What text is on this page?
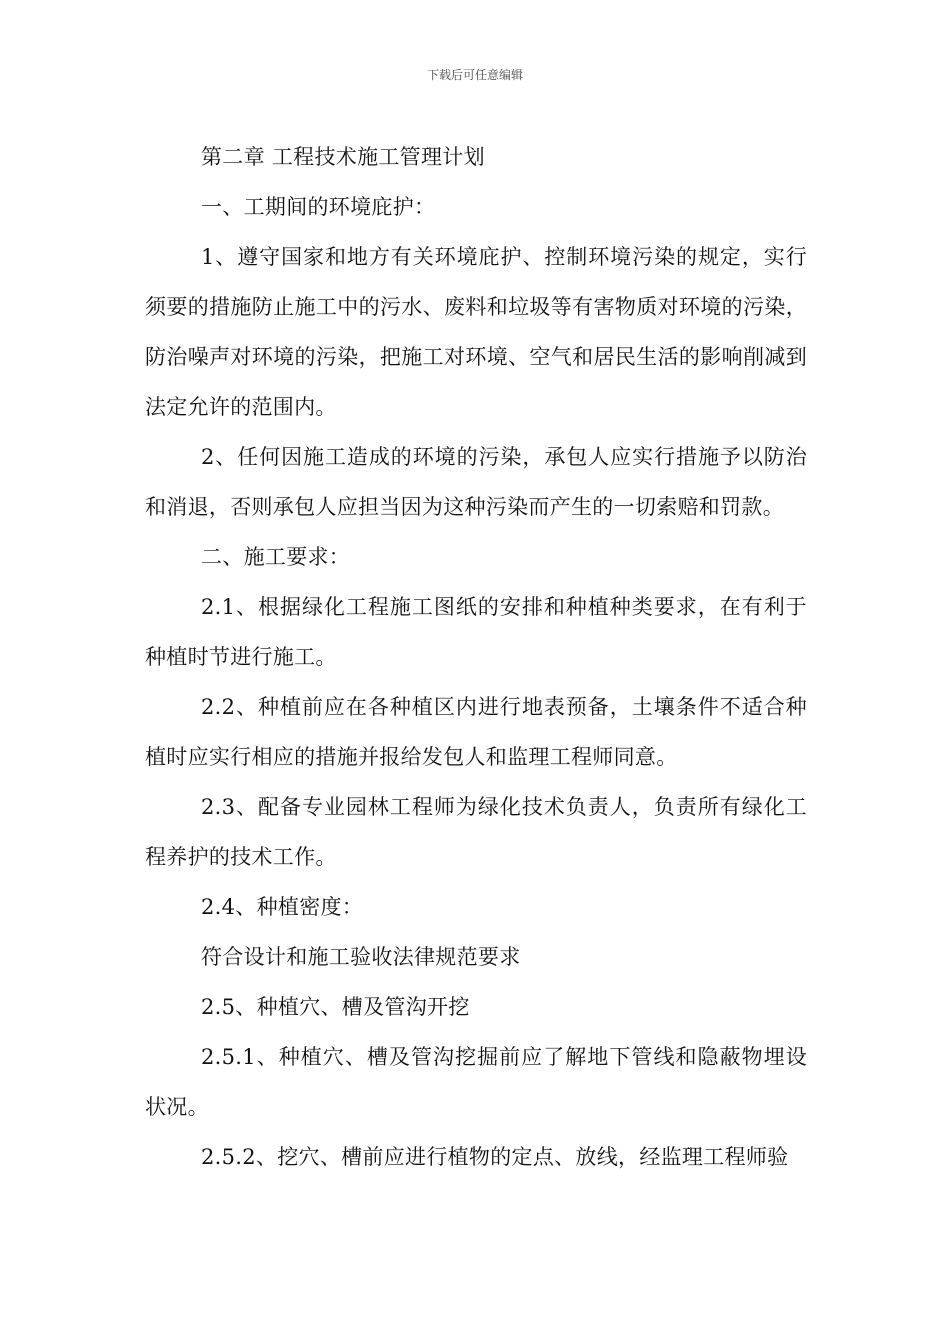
下载后可任意编辑

第二章 工程技术施工管理计划

一、工期间的环境庇护：

1、遵守国家和地方有关环境庇护、控制环境污染的规定，实行须要的措施防止施工中的污水、废料和垃圾等有害物质对环境的污染，防治噪声对环境的污染，把施工对环境、空气和居民生活的影响削减到法定允许的范围内。

2、任何因施工造成的环境的污染，承包人应实行措施予以防治和消退，否则承包人应担当因为这种污染而产生的一切索赔和罚款。

二、施工要求：

2.1、根据绿化工程施工图纸的安排和种植种类要求，在有利于种植时节进行施工。

2.2、种植前应在各种植区内进行地表预备，土壤条件不适合种植时应实行相应的措施并报给发包人和监理工程师同意。

2.3、配备专业园林工程师为绿化技术负责人，负责所有绿化工程养护的技术工作。

2.4、种植密度：

符合设计和施工验收法律规范要求

2.5、种植穴、槽及管沟开挖

2.5.1、种植穴、槽及管沟挖掘前应了解地下管线和隐蔽物埋设状况。

2.5.2、挖穴、槽前应进行植物的定点、放线，经监理工程师验
